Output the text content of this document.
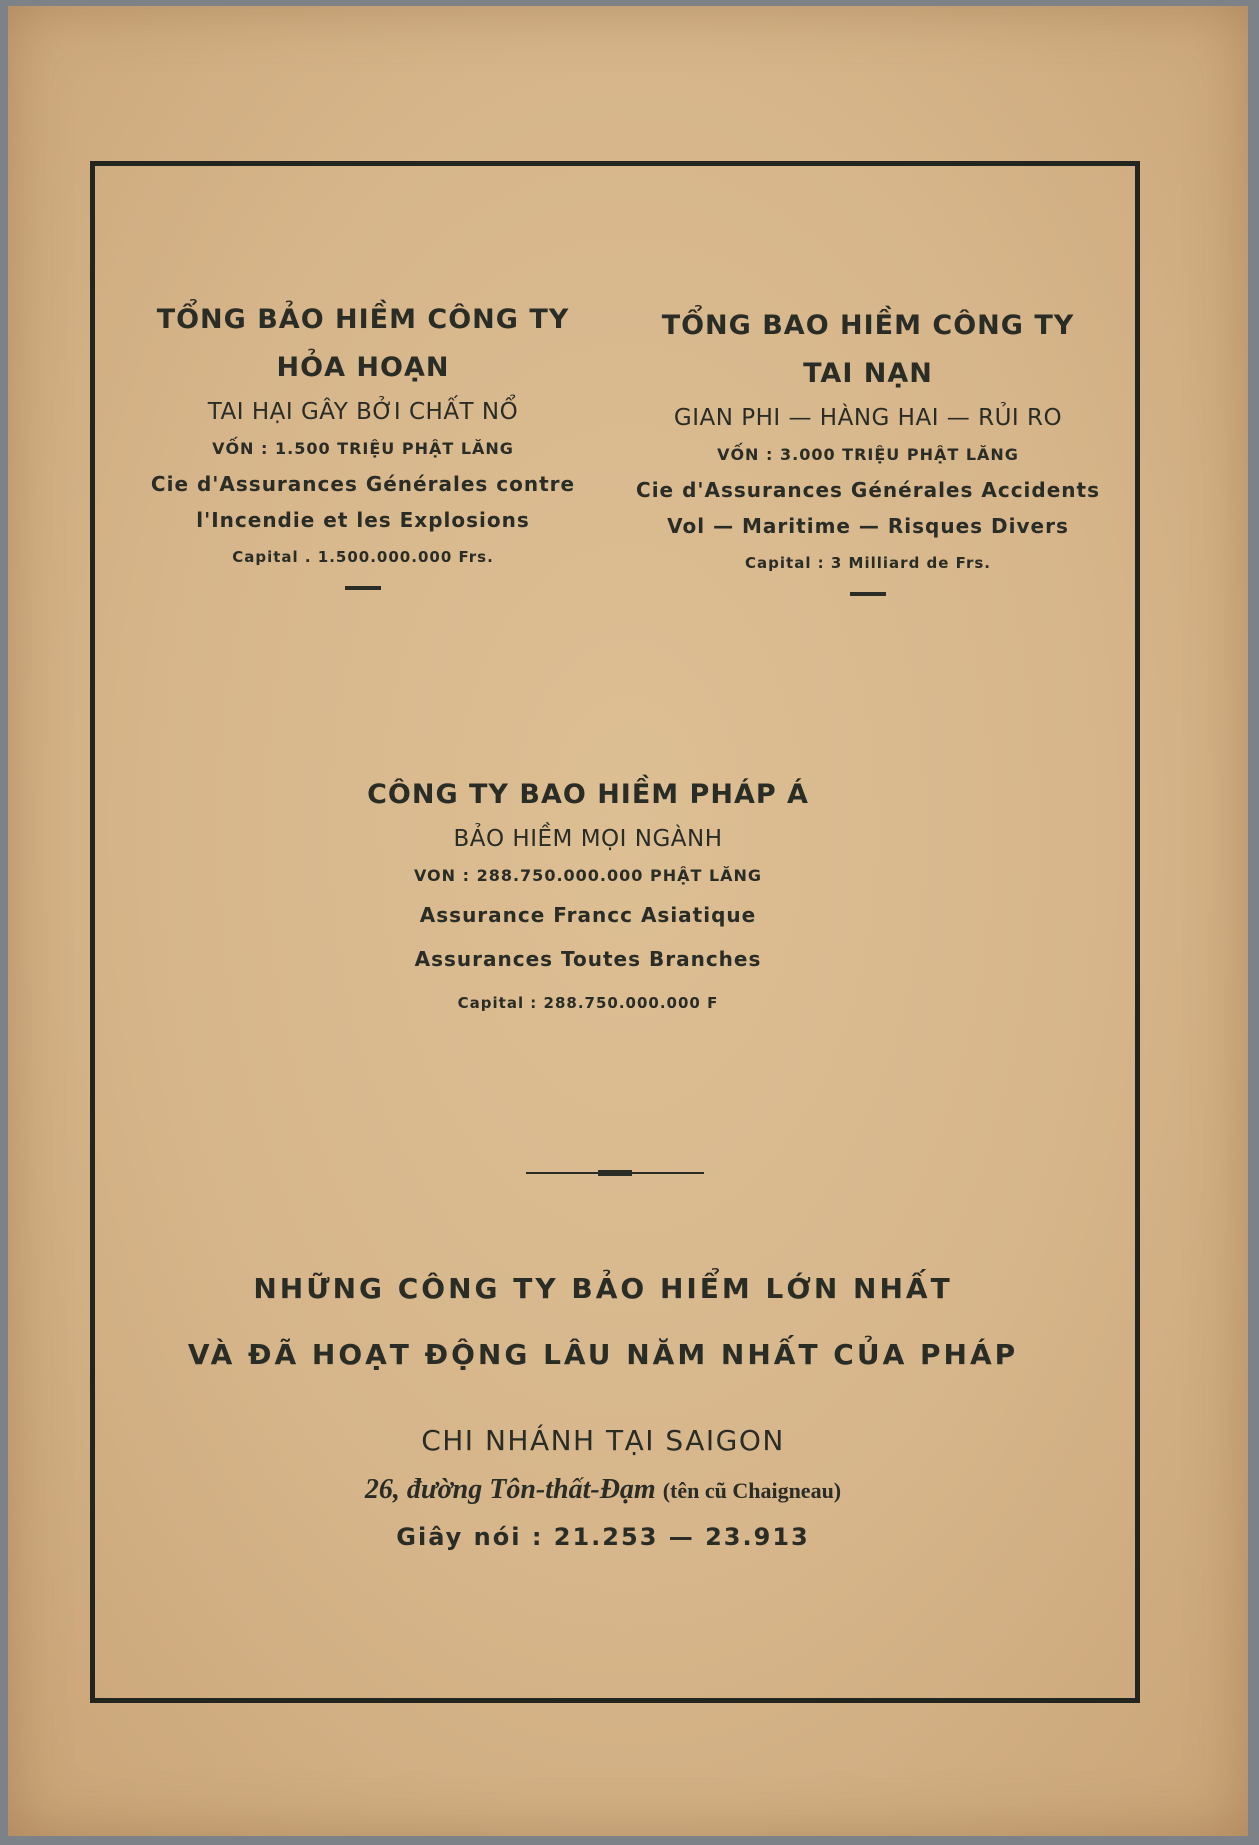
TỔNG BẢO HIỀM CÔNG TY
HỎA HOẠN
TAI HẠI GÂY BỞI CHẤT NỔ
VỐN : 1.500 TRIỆU PHẬT LĂNG
Cie d'Assurances Générales contre
l'Incendie et les Explosions
Capital . 1.500.000.000 Frs.
TỔNG BAO HIỀM CÔNG TY
TAI NẠN
GIAN PHI — HÀNG HAI — RỦI RO
VỐN : 3.000 TRIỆU PHẬT LĂNG
Cie d'Assurances Générales Accidents
Vol — Maritime — Risques Divers
Capital : 3 Milliard de Frs.
CÔNG TY BAO HIỀM PHÁP Á
BẢO HIỀM MỌI NGÀNH
VON : 288.750.000.000 PHẬT LĂNG
Assurance Francc Asiatique
Assurances Toutes Branches
Capital : 288.750.000.000 F
NHỮNG CÔNG TY BẢO HIỂM LỚN NHẤT
VÀ ĐÃ HOẠT ĐỘNG LÂU NĂM NHẤT CỦA PHÁP
CHI NHÁNH TẠI SAIGON
26, đường Tôn-thất-Đạm (tên cũ Chaigneau)
Giây nói : 21.253 — 23.913
